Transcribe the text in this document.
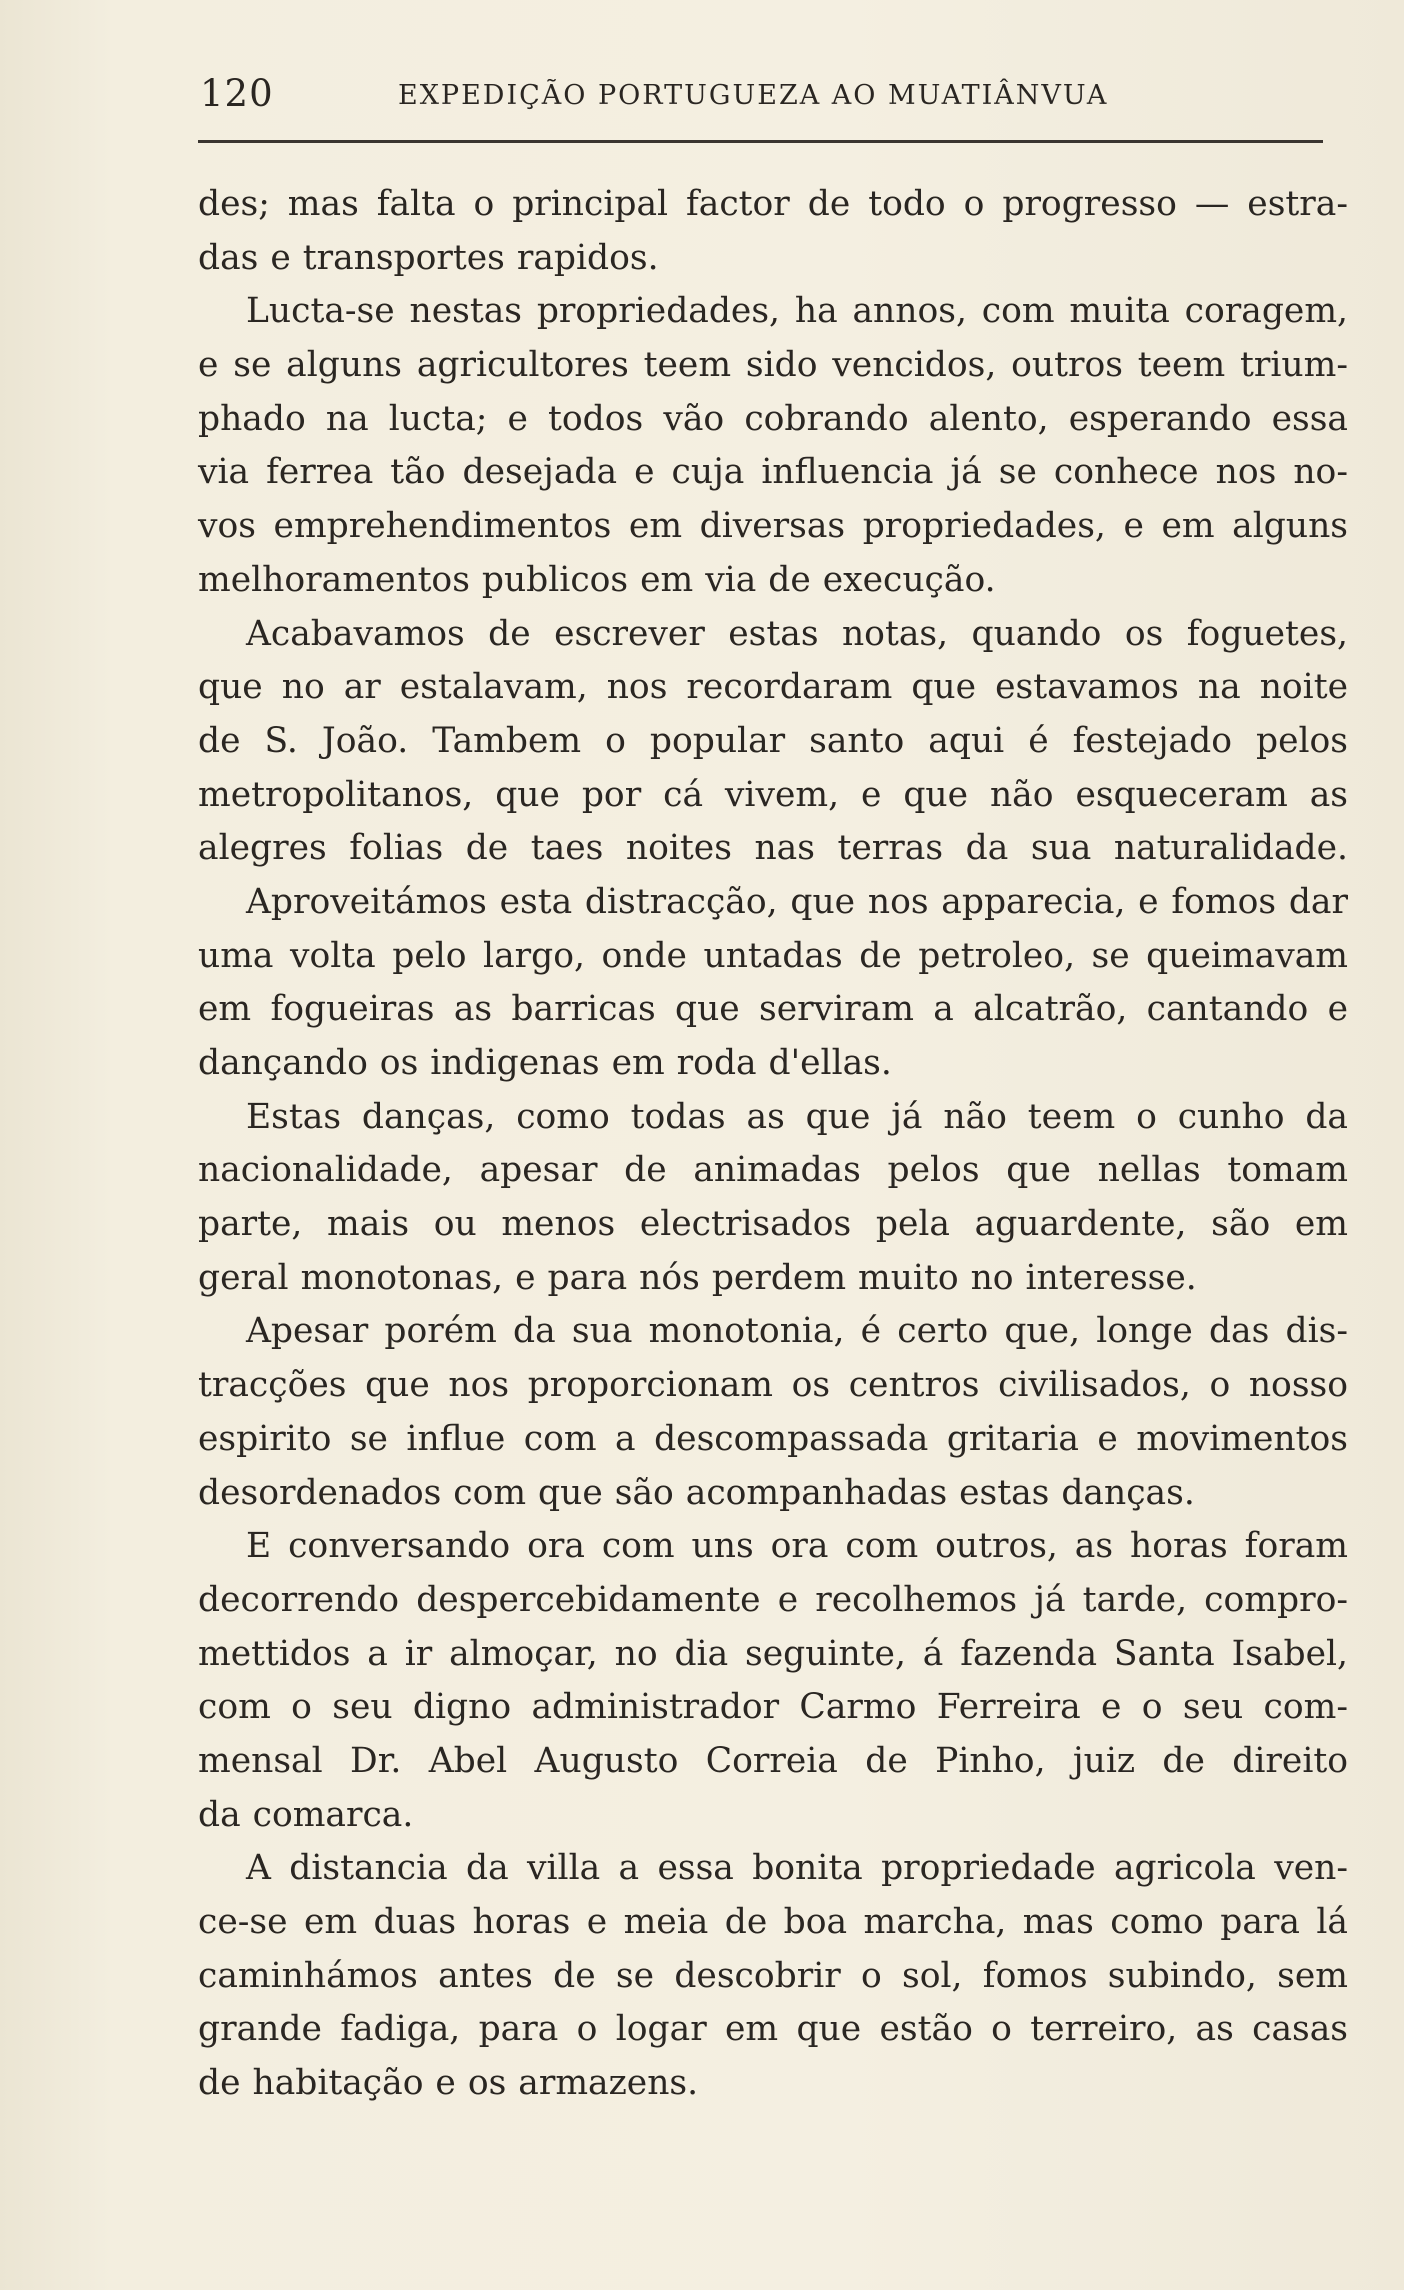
120	EXPEDIÇÃO PORTUGUEZA AO MUATIÂNVUA
des; mas falta o principal factor de todo o progresso — estra-
das e transportes rapidos.
Lucta-se nestas propriedades, ha annos, com muita coragem,
e se alguns agricultores teem sido vencidos, outros teem trium-
phado na lucta; e todos vão cobrando alento, esperando essa
via ferrea tão desejada e cuja influencia já se conhece nos no-
vos emprehendimentos em diversas propriedades, e em alguns
melhoramentos publicos em via de execução.
Acabavamos de escrever estas notas, quando os foguetes,
que no ar estalavam, nos recordaram que estavamos na noite
de S. João. Tambem o popular santo aqui é festejado pelos
metropolitanos, que por cá vivem, e que não esqueceram as
alegres folias de taes noites nas terras da sua naturalidade.
Aproveitámos esta distracção, que nos apparecia, e fomos dar
uma volta pelo largo, onde untadas de petroleo, se queimavam
em fogueiras as barricas que serviram a alcatrão, cantando e
dançando os indigenas em roda d'ellas.
Estas danças, como todas as que já não teem o cunho da
nacionalidade, apesar de animadas pelos que nellas tomam
parte, mais ou menos electrisados pela aguardente, são em
geral monotonas, e para nós perdem muito no interesse.
Apesar porém da sua monotonia, é certo que, longe das dis-
tracções que nos proporcionam os centros civilisados, o nosso
espirito se influe com a descompassada gritaria e movimentos
desordenados com que são acompanhadas estas danças.
E conversando ora com uns ora com outros, as horas foram
decorrendo despercebidamente e recolhemos já tarde, compro-
mettidos a ir almoçar, no dia seguinte, á fazenda Santa Isabel,
com o seu digno administrador Carmo Ferreira e o seu com-
mensal Dr. Abel Augusto Correia de Pinho, juiz de direito
da comarca.
A distancia da villa a essa bonita propriedade agricola ven-
ce-se em duas horas e meia de boa marcha, mas como para lá
caminhámos antes de se descobrir o sol, fomos subindo, sem
grande fadiga, para o logar em que estão o terreiro, as casas
de habitação e os armazens.
